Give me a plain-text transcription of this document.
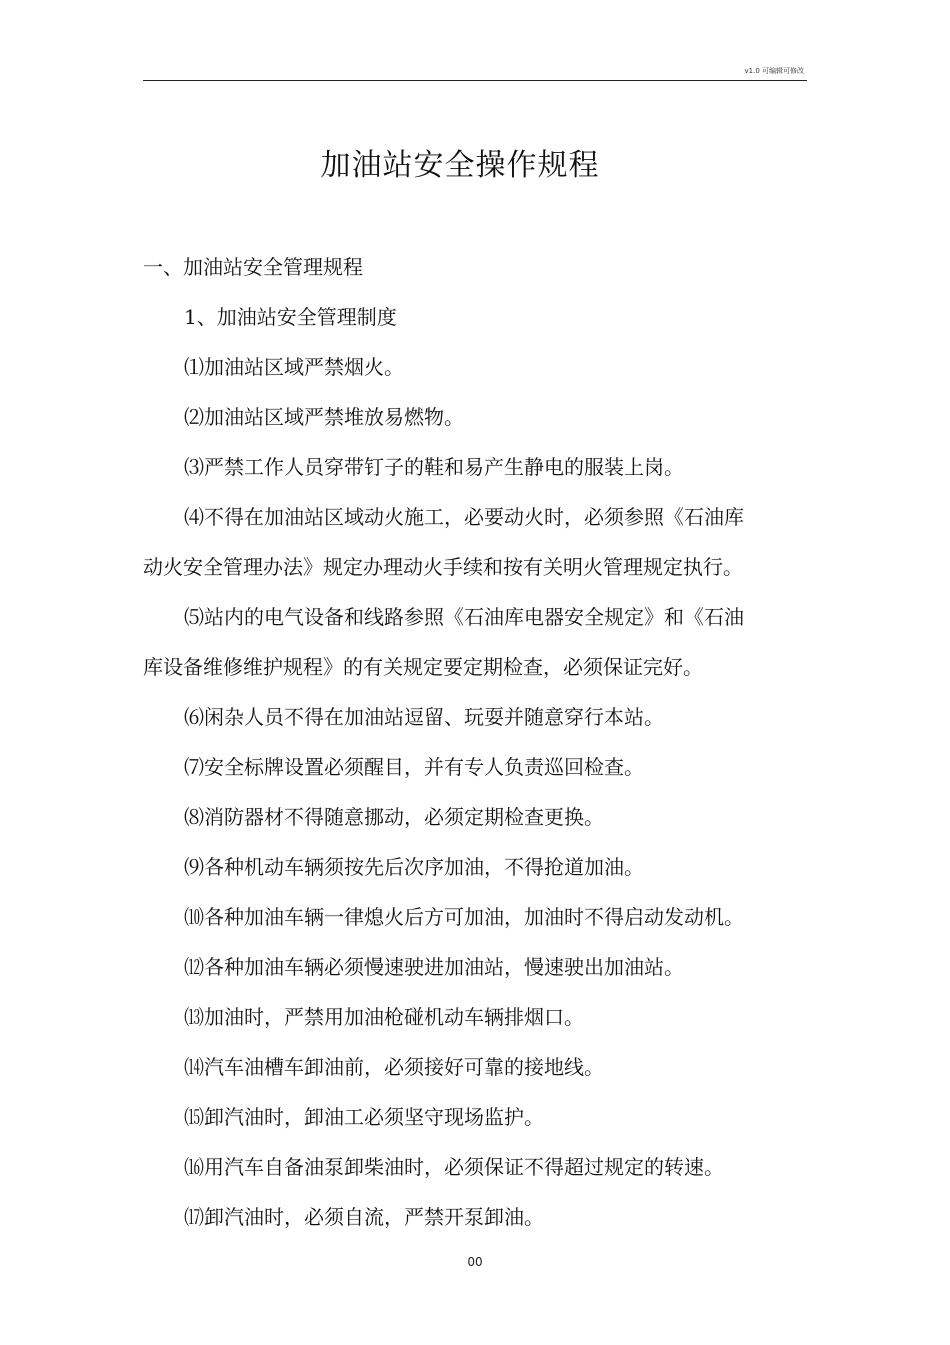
v1.0 可编辑可修改
加油站安全操作规程

一、加油站安全管理规程

1、加油站安全管理制度

⑴加油站区域严禁烟火。

⑵加油站区域严禁堆放易燃物。

⑶严禁工作人员穿带钉子的鞋和易产生静电的服装上岗。

⑷不得在加油站区域动火施工，必要动火时，必须参照《石油库

动火安全管理办法》规定办理动火手续和按有关明火管理规定执行。

⑸站内的电气设备和线路参照《石油库电器安全规定》和《石油

库设备维修维护规程》的有关规定要定期检查，必须保证完好。

⑹闲杂人员不得在加油站逗留、玩耍并随意穿行本站。

⑺安全标牌设置必须醒目，并有专人负责巡回检查。

⑻消防器材不得随意挪动，必须定期检查更换。

⑼各种机动车辆须按先后次序加油，不得抢道加油。

⑽各种加油车辆一律熄火后方可加油，加油时不得启动发动机。

⑿各种加油车辆必须慢速驶进加油站，慢速驶出加油站。

⒀加油时，严禁用加油枪碰机动车辆排烟口。

⒁汽车油槽车卸油前，必须接好可靠的接地线。

⒂卸汽油时，卸油工必须坚守现场监护。

⒃用汽车自备油泵卸柴油时，必须保证不得超过规定的转速。

⒄卸汽油时，必须自流，严禁开泵卸油。

00
